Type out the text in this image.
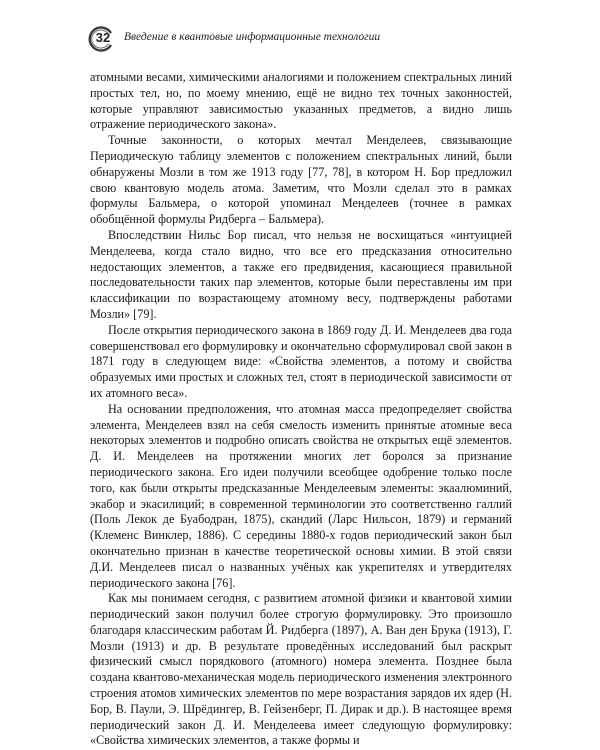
32	Введение в квантовые информационные технологии

атомными весами, химическими аналогиями и положением спектральных линий простых тел, но, по моему мнению, ещё не видно тех точных законностей, которые управляют зависимостью указанных предметов, а видно лишь отражение периодического закона».

Точные законности, о которых мечтал Менделеев, связывающие Периодическую таблицу элементов с положением спектральных линий, были обнаружены Мозли в том же 1913 году [77, 78], в котором Н. Бор предложил свою квантовую модель атома. Заметим, что Мозли сделал это в рамках формулы Бальмера, о которой упоминал Менделеев (точнее в рамках обобщённой формулы Ридберга – Бальмера).

Впоследствии Нильс Бор писал, что нельзя не восхищаться «интуицией Менделеева, когда стало видно, что все его предсказания относительно недостающих элементов, а также его предвидения, касающиеся правильной последовательности таких пар элементов, которые были переставлены им при классификации по возрастающему атомному весу, подтверждены работами Мозли» [79].

После открытия периодического закона в 1869 году Д. И. Менделеев два года совершенствовал его формулировку и окончательно сформулировал свой закон в 1871 году в следующем виде: «Свойства элементов, а потому и свойства образуемых ими простых и сложных тел, стоят в периодической зависимости от их атомного веса».

На основании предположения, что атомная масса предопределяет свойства элемента, Менделеев взял на себя смелость изменить принятые атомные веса некоторых элементов и подробно описать свойства не открытых ещё элементов. Д. И. Менделеев на протяжении многих лет боролся за признание периодического закона. Его идеи получили всеобщее одобрение только после того, как были открыты предсказанные Менделеевым элементы: экаалюминий, экабор и экасилиций; в современной терминологии это соответственно галлий (Поль Лекок де Буабодран, 1875), скандий (Ларс Нильсон, 1879) и германий (Клеменс Винклер, 1886). С середины 1880-х годов периодический закон был окончательно признан в качестве теоретической основы химии. В этой связи Д.И. Менделеев писал о названных учёных как укрепителях и утвердителях периодического закона [76].

Как мы понимаем сегодня, с развитием атомной физики и квантовой химии периодический закон получил более строгую формулировку. Это произошло благодаря классическим работам Й. Ридберга (1897), А. Ван ден Брука (1913), Г. Мозли (1913) и др. В результате проведённых исследований был раскрыт физический смысл порядкового (атомного) номера элемента. Позднее была создана квантово-механическая модель периодического изменения электронного строения атомов химических элементов по мере возрастания зарядов их ядер (Н. Бор, В. Паули, Э. Шрёдингер, В. Гейзенберг, П. Дирак и др.). В настоящее время периодический закон Д. И. Менделеева имеет следующую формулировку: «Свойства химических элементов, а также формы и
